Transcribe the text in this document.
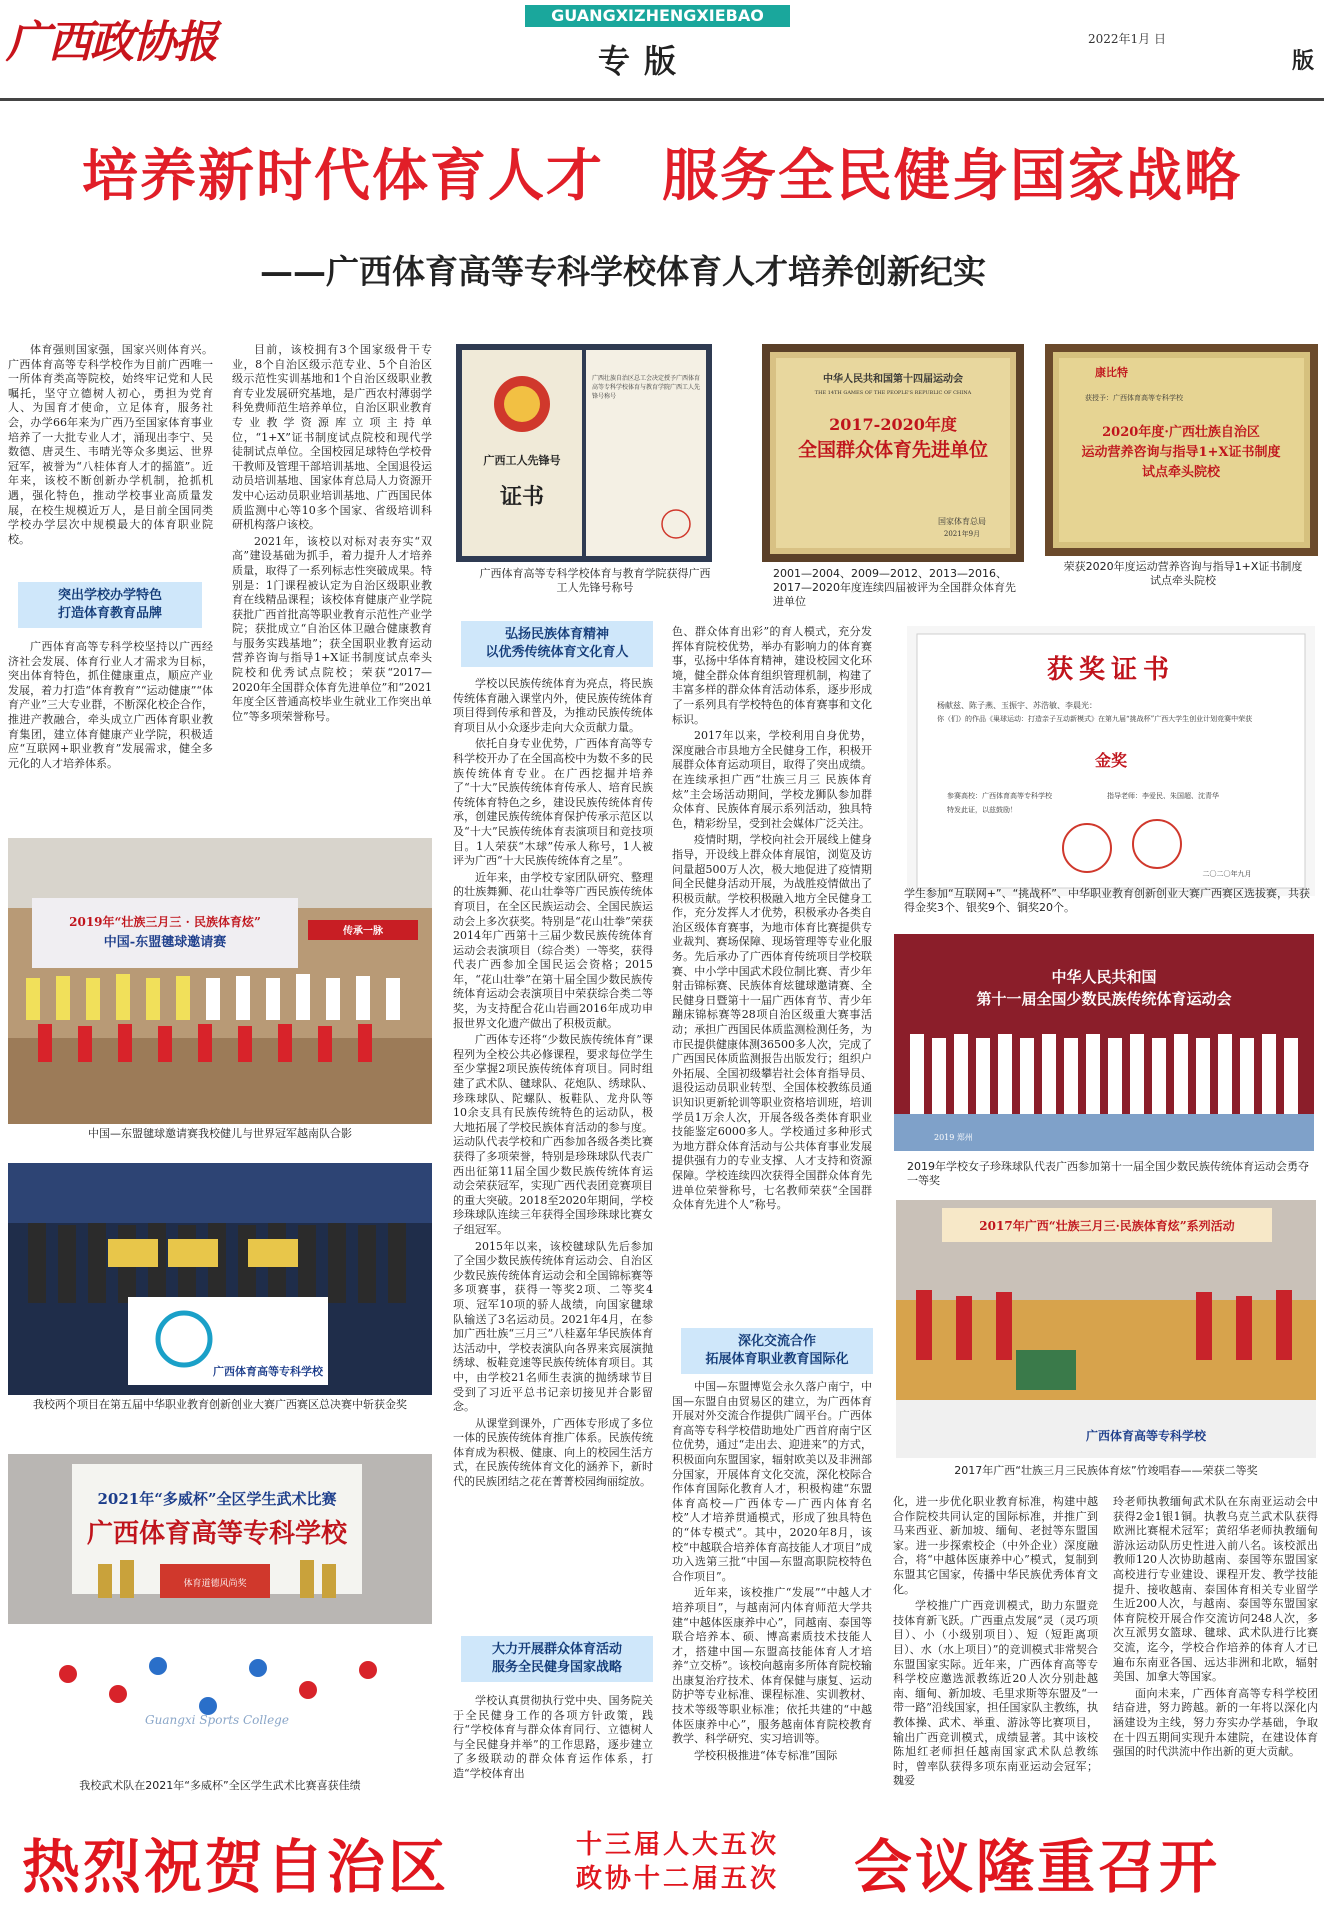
广西政协报
GUANGXIZHENGXIEBAO
专版
2022年1月 日
版
培养新时代体育人才　服务全民健身国家战略
——广西体育高等专科学校体育人才培养创新纪实

体育强则国家强，国家兴则体育兴。广西体育高等专科学校作为目前广西唯一一所体育类高等院校，始终牢记党和人民嘱托，坚守立德树人初心，勇担为党育人、为国育才使命，立足体育，服务社会，办学66年来为广西乃至国家体育事业培养了一大批专业人才，涌现出李宁、吴数德、唐灵生、韦晴光等众多奥运、世界冠军，被誉为“八桂体育人才的摇篮”。近年来，该校不断创新办学机制，抢抓机遇，强化特色，推动学校事业高质量发展，在校生规模近万人，是目前全国同类学校办学层次中规模最大的体育职业院校。

突出学校办学特色
打造体育教育品牌

广西体育高等专科学校坚持以广西经济社会发展、体育行业人才需求为目标，突出体育特色，抓住健康重点，顺应产业发展，着力打造“体育教育”“运动健康”“体育产业”三大专业群，不断深化校企合作，推进产教融合，牵头成立广西体育职业教育集团，建立体育健康产业学院，积极适应“互联网+职业教育”发展需求，健全多元化的人才培养体系。

目前，该校拥有3个国家级骨干专业，8个自治区级示范专业、5个自治区级示范性实训基地和1个自治区级职业教育专业发展研究基地，是广西农村薄弱学科免费师范生培养单位，自治区职业教育专业教学资源库立项主持单位，“1+X”证书制度试点院校和现代学徒制试点单位。全国校园足球特色学校骨干教师及管理干部培训基地、全国退役运动员培训基地、国家体育总局人力资源开发中心运动员职业培训基地、广西国民体质监测中心等10多个国家、省级培训科研机构落户该校。

2021年，该校以对标对表夯实“双高”建设基础为抓手，着力提升人才培养质量，取得了一系列标志性突破成果。特别是：1门课程被认定为自治区级职业教育在线精品课程；该校体育健康产业学院获批广西首批高等职业教育示范性产业学院；获批成立“自治区体卫融合健康教育与服务实践基地”；获全国职业教育运动营养咨询与指导1+X证书制度试点牵头院校和优秀试点院校；荣获“2017—2020年全国群众体育先进单位”和“2021年度全区普通高校毕业生就业工作突出单位”等多项荣誉称号。

广西工人先锋号
证书
广西壮族自治区总工会决定授予广西体育高等专科学校体育与教育学院广西工人先锋号称号
广西体育高等专科学校体育与教育学院获得广西工人先锋号称号
中华人民共和国第十四届运动会
THE 14TH GAMES OF THE PEOPLE'S REPUBLIC OF CHINA
2017-2020年度
全国群众体育先进单位
国家体育总局
2021年9月
2001—2004、2009—2012、2013—2016、2017—2020年度连续四届被评为全国群众体育先进单位
康比特
获授予：广西体育高等专科学校
2020年度·广西壮族自治区
运动营养咨询与指导1+X证书制度
试点牵头院校
荣获2020年度运动营养咨询与指导1+X证书制度试点牵头院校
弘扬民族体育精神
以优秀传统体育文化育人

学校以民族传统体育为亮点，将民族传统体育融入课堂内外，使民族传统体育项目得到传承和普及，为推动民族传统体育项目从小众逐步走向大众贡献力量。

依托自身专业优势，广西体育高等专科学校开办了在全国高校中为数不多的民族传统体育专业。在广西挖掘并培养了“十大”民族传统体育传承人、培育民族传统体育特色之乡，建设民族传统体育传承，创建民族传统体育保护传承示范区以及“十大”民族传统体育表演项目和竞技项目。1人荣获“木球”传承人称号，1人被评为广西“十大民族传统体育之星”。

近年来，由学校专家团队研究、整理的壮族舞狮、花山壮拳等广西民族传统体育项目，在全区民族运动会、全国民族运动会上多次获奖。特别是“花山壮拳”荣获2014年广西第十三届少数民族传统体育运动会表演项目（综合类）一等奖，获得代表广西参加全国民运会资格；2015年，“花山壮拳”在第十届全国少数民族传统体育运动会表演项目中荣获综合类二等奖，为支持配合花山岩画2016年成功申报世界文化遗产做出了积极贡献。

广西体专还将“少数民族传统体育”课程列为全校公共必修课程，要求每位学生至少掌握2项民族传统体育项目。同时组建了武术队、毽球队、花炮队、绣球队、珍珠球队、陀螺队、板鞋队、龙舟队等10余支具有民族传统特色的运动队，极大地拓展了学校民族体育活动的参与度。运动队代表学校和广西参加各级各类比赛获得了多项荣誉，特别是珍珠球队代表广西出征第11届全国少数民族传统体育运动会荣获冠军，实现广西代表团竞赛项目的重大突破。2018至2020年期间，学校珍珠球队连续三年获得全国珍珠球比赛女子组冠军。

2015年以来，该校毽球队先后参加了全国少数民族传统体育运动会、自治区少数民族传统体育运动会和全国锦标赛等多项赛事，获得一等奖2项、二等奖4项、冠军10项的骄人战绩，向国家毽球队输送了3名运动员。2021年4月，在参加广西壮族“三月三”八桂嘉年华民族体育达活动中，学校表演队向各界来宾展演抛绣球、板鞋竞速等民族传统体育项目。其中，由学校21名师生表演的抛绣球节目受到了习近平总书记亲切接见并合影留念。

从课堂到课外，广西体专形成了多位一体的民族传统体育推广体系。民族传统体育成为积极、健康、向上的校园生活方式，在民族传统体育文化的涵养下，新时代的民族团结之花在菁菁校园绚丽绽放。

大力开展群众体育活动
服务全民健身国家战略

学校认真贯彻执行党中央、国务院关于全民健身工作的各项方针政策，践行“学校体育与群众体育同行、立德树人与全民健身并举”的工作思路，逐步建立了多级联动的群众体育运作体系，打造“学校体育出

色、群众体育出彩”的育人模式，充分发挥体育院校优势，举办有影响力的体育赛事，弘扬中华体育精神，建设校园文化环境，健全群众体育组织管理机制，构建了丰富多样的群众体育活动体系，逐步形成了一系列具有学校特色的体育赛事和文化标识。

2017年以来，学校利用自身优势，深度融合市县地方全民健身工作，积极开展群众体育运动项目，取得了突出成绩。在连续承担广西“壮族三月三 民族体育炫”主会场活动期间，学校龙狮队参加群众体育、民族体育展示系列活动，独具特色，精彩纷呈，受到社会媒体广泛关注。

疫情时期，学校向社会开展线上健身指导，开设线上群众体育展馆，浏览及访问量超500万人次，极大地促进了疫情期间全民健身活动开展，为战胜疫情做出了积极贡献。学校积极融入地方全民健身工作，充分发挥人才优势，积极承办各类自治区级体育赛事，为地市体育比赛提供专业裁判、赛场保障、现场管理等专业化服务。先后承办了广西体育传统项目学校联赛、中小学中国武术段位制比赛、青少年射击锦标赛、民族体育炫毽球邀请赛、全民健身日暨第十一届广西体育节、青少年蹦床锦标赛等28项自治区级重大赛事活动；承担广西国民体质监测检测任务，为市民提供健康体测36500多人次，完成了广西国民体质监测报告出版发行；组织户外拓展、全国初级攀岩社会体育指导员、退役运动员职业转型、全国体校教练员通识知识更新轮训等职业资格培训班，培训学员1万余人次，开展各级各类体育职业技能鉴定6000多人。学校通过多种形式为地方群众体育活动与公共体育事业发展提供强有力的专业支撑、人才支持和资源保障。学校连续四次获得全国群众体育先进单位荣誉称号，七名教师荣获“全国群众体育先进个人”称号。

深化交流合作
拓展体育职业教育国际化

中国—东盟博览会永久落户南宁，中国—东盟自由贸易区的建立，为广西体育开展对外交流合作提供广阔平台。广西体育高等专科学校借助地处广西首府南宁区位优势，通过“走出去、迎进来”的方式，积极面向东盟国家，辐射欧美以及非洲部分国家，开展体育文化交流，深化校际合作体育国际化教育人才，积极构建“东盟体育高校—广西体专—广西内体育名校”人才培养贯通模式，形成了独具特色的“体专模式”。其中，2020年8月，该校“中越联合培养体育高技能人才项目”成功入选第三批“中国—东盟高职院校特色合作项目”。

近年来，该校推广“发展”“中越人才培养项目”，与越南河内体育师范大学共建“中越体医康养中心”，同越南、泰国等联合培养本、硕、博高素质技术技能人才，搭建中国—东盟高技能体育人才培养“立交桥”。该校向越南多所体育院校输出康复治疗技术、体育保健与康复、运动防护等专业标准、课程标准、实训教材、技术等级等职业标准；依托共建的“中越体医康养中心”，服务越南体育院校教育教学、科学研究、实习培训等。

学校积极推进“体专标准”国际

化，进一步优化职业教育标准，构建中越合作院校共同认定的国际标准，并推广到马来西亚、新加坡、缅甸、老挝等东盟国家。进一步探索校企（中外企业）深度融合，将“中越体医康养中心”模式，复制到东盟其它国家，传播中华民族优秀体育文化。

学校推广广西竞训模式，助力东盟竞技体育新飞跃。广西重点发展“灵（灵巧项目）、小（小级别项目）、短（短距离项目）、水（水上项目）”的竞训模式非常契合东盟国家实际。近年来，广西体育高等专科学校应邀选派教练近20人次分别赴越南、缅甸、新加坡、毛里求斯等东盟及“一带一路”沿线国家，担任国家队主教练，执教体操、武术、举重、游泳等比赛项目，输出广西竞训模式，成绩显著。其中该校陈旭红老师担任越南国家武术队总教练时，曾率队获得多项东南亚运动会冠军；魏爱

玲老师执教缅甸武术队在东南亚运动会中获得2金1银1铜。执教乌克兰武术队获得欧洲比赛棍术冠军；黄绍华老师执教缅甸游泳运动队历史性进入前八名。该校派出教师120人次协助越南、泰国等东盟国家高校进行专业建设、课程开发、教学技能提升、接收越南、泰国体育相关专业留学生近200人次，与越南、泰国等东盟国家体育院校开展合作交流访问248人次，多次互派男女篮球、毽球、武术队进行比赛交流，迄今，学校合作培养的体育人才已遍布东南亚各国、远达非洲和北欧，辐射美国、加拿大等国家。

面向未来，广西体育高等专科学校团结奋进，努力跨越。新的一年将以深化内涵建设为主线，努力夯实办学基础，争取在十四五期间实现升本建院，在建设体育强国的时代洪流中作出新的更大贡献。

获奖证书
杨献兹、陈子燕、玉振宇、苏浩敏、李晨光：
你（们）的作品《巢球运动：打造亲子互动新模式》在第九届“挑战杯”广西大学生创业计划竞赛中荣获
金奖
参赛高校：广西体育高等专科学校	指导老师：李爱民、朱国超、沈青华
特发此证，以兹鼓励！
二〇二〇年九月
学生参加“互联网+”、“挑战杯”、中华职业教育创新创业大赛广西赛区选拔赛，共获得金奖3个、银奖9个、铜奖20个。
2019年“壮族三月三 · 民族体育炫”
中国-东盟毽球邀请赛
传承一脉
中国—东盟毽球邀请赛我校健儿与世界冠军越南队合影
广西体育高等专科学校
我校两个项目在第五届中华职业教育创新创业大赛广西赛区总决赛中斩获金奖
2021年“多威杯”全区学生武术比赛
广西体育高等专科学校
体育道德风尚奖
Guangxi Sports College
我校武术队在2021年“多威杯”全区学生武术比赛喜获佳绩
中华人民共和国
第十一届全国少数民族传统体育运动会
2019 郑州
2019年学校女子珍珠球队代表广西参加第十一届全国少数民族传统体育运动会勇夺一等奖
2017年广西“壮族三月三·民族体育炫”系列活动
广西体育高等专科学校
2017年广西“壮族三月三民族体育炫”竹竣唱春——荣获二等奖
热烈祝贺自治区	十三届人大五次
政协十二届五次 会议隆重召开
